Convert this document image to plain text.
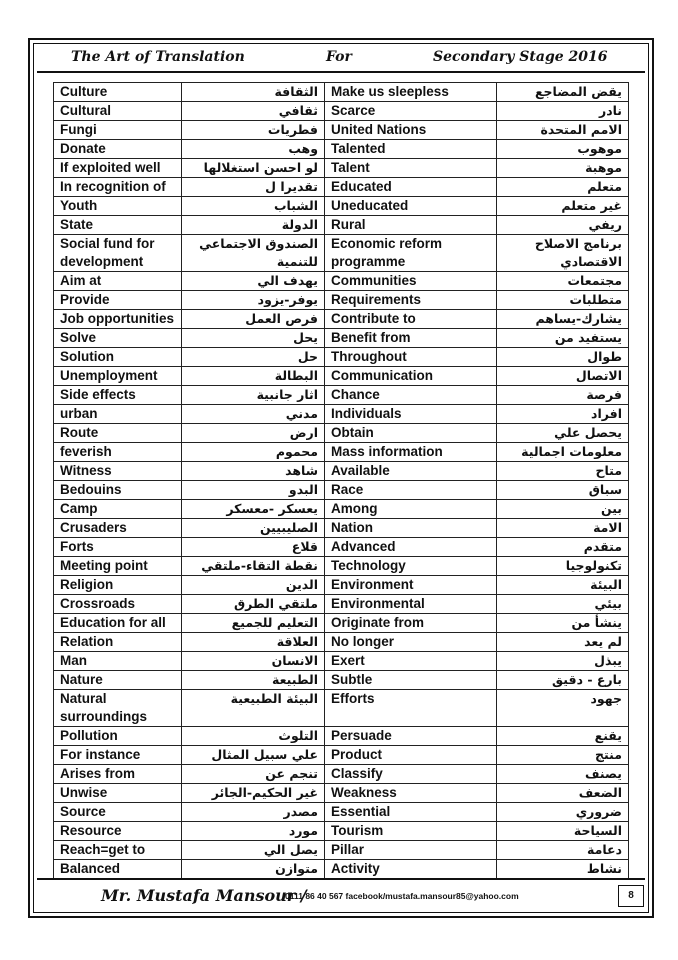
The Art of Translation	For	Secondary Stage 2016
Culture	الثقافة	Make us sleepless	يقض المضاجع
Cultural	ثقافي	Scarce	نادر
Fungi	فطريات	United Nations	الامم المتحدة
Donate	وهب	Talented	موهوب
If exploited well	لو احسن استغلالها	Talent	موهبة
In recognition of	تقديرا ل	Educated	متعلم
Youth	الشباب	Uneducated	غير متعلم
State	الدولة	Rural	ريفي
Social fund for development	الصندوق الاجتماعي للتنمية	Economic reform programme	برنامج الاصلاح الاقتصادي
Aim at	يهدف الي	Communities	مجتمعات
Provide	يوفر-يزود	Requirements	متطلبات
Job opportunities	فرص العمل	Contribute to	يشارك-يساهم
Solve	يحل	Benefit from	يستفيد من
Solution	حل	Throughout	طوال
Unemployment	البطالة	Communication	الاتصال
Side effects	اثار جانبية	Chance	فرصة
urban	مدني	Individuals	افراد
Route	ارض	Obtain	يحصل علي
feverish	محموم	Mass information	معلومات اجمالية
Witness	شاهد	Available	متاح
Bedouins	البدو	Race	سباق
Camp	يعسكر -معسكر	Among	بين
Crusaders	الصليبيين	Nation	الامة
Forts	قلاع	Advanced	متقدم
Meeting point	نقطة التقاء-ملتقي	Technology	تكنولوجيا
Religion	الدين	Environment	البيئة
Crossroads	ملتقي الطرق	Environmental	بيئي
Education for all	التعليم للجميع	Originate from	ينشأ من
Relation	العلاقة	No longer	لم يعد
Man	الانسان	Exert	يبذل
Nature	الطبيعة	Subtle	بارع - دقيق
Natural surroundings	البيئة الطبيعية	Efforts	جهود
Pollution	التلوث	Persuade	يقنع
For instance	علي سبيل المثال	Product	منتج
Arises from	تنجم عن	Classify	يصنف
Unwise	غير الحكيم-الجائر	Weakness	الضعف
Source	مصدر	Essential	ضروري
Resource	مورد	Tourism	السياحة
Reach=get to	يصل الي	Pillar	دعامة
Balanced	متوازن	Activity	نشاط
Mr. Mustafa Mansour /
0111 86 40 567 facebook/mustafa.mansour85@yahoo.com	8
